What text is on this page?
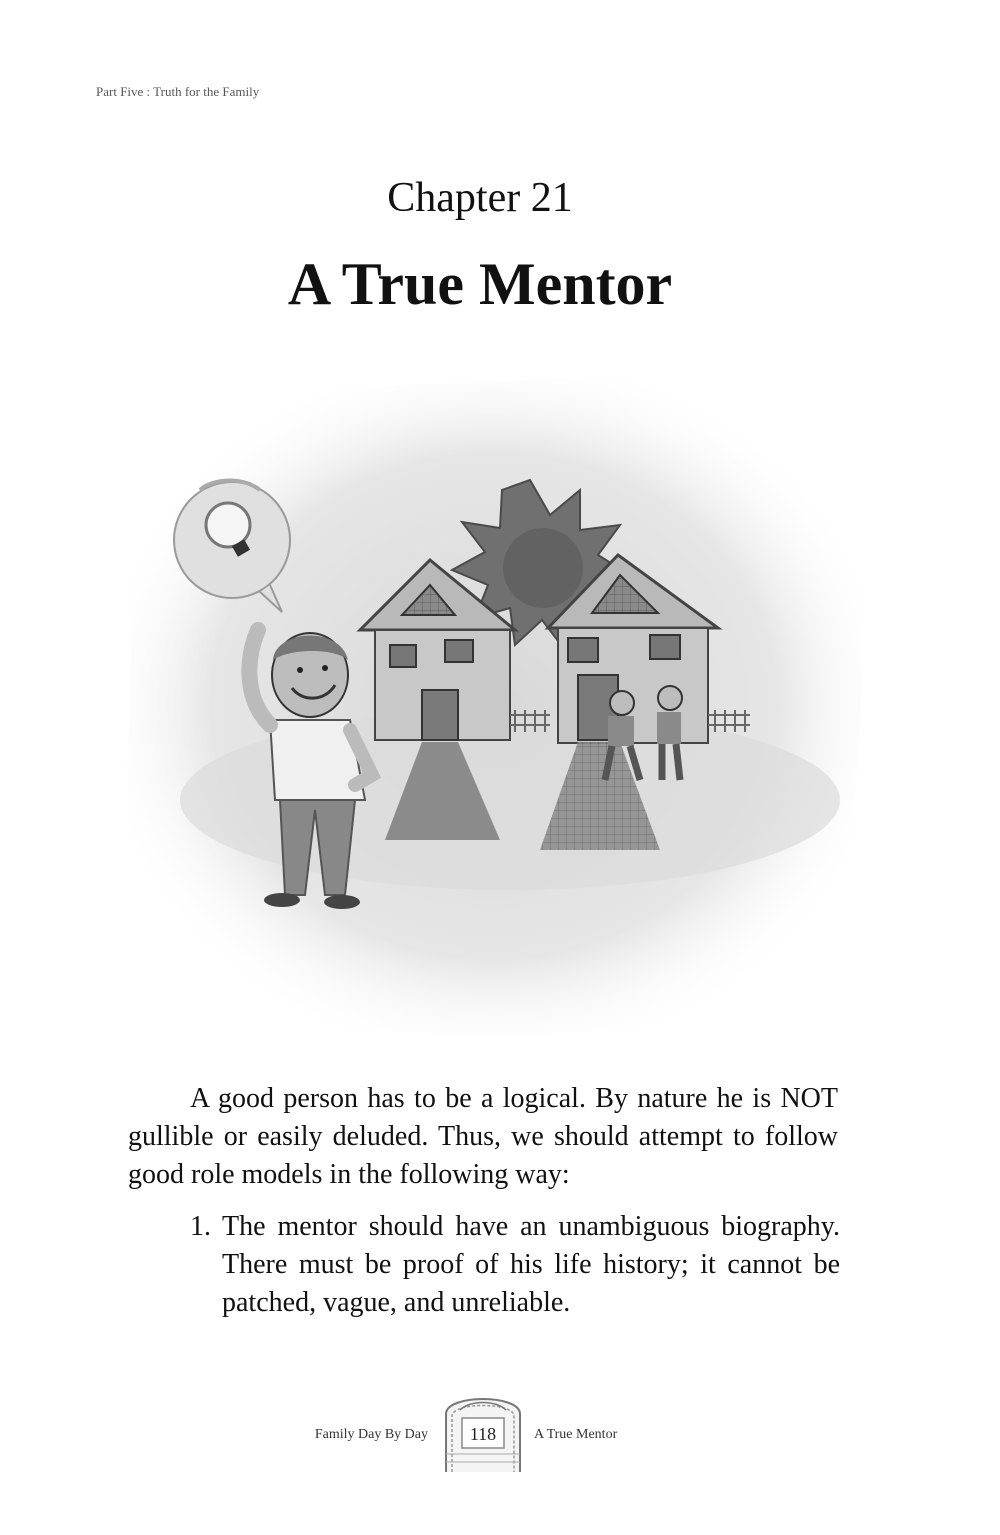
Part Five : Truth for the Family
Chapter 21
A True Mentor

A good person has to be a logical. By nature he is NOT gullible or easily deluded. Thus, we should attempt to follow good role models in the following way:

1. The mentor should have an unambiguous biography. There must be proof of his life history; it cannot be patched, vague, and unreliable.
Family Day By Day	118	A True Mentor
